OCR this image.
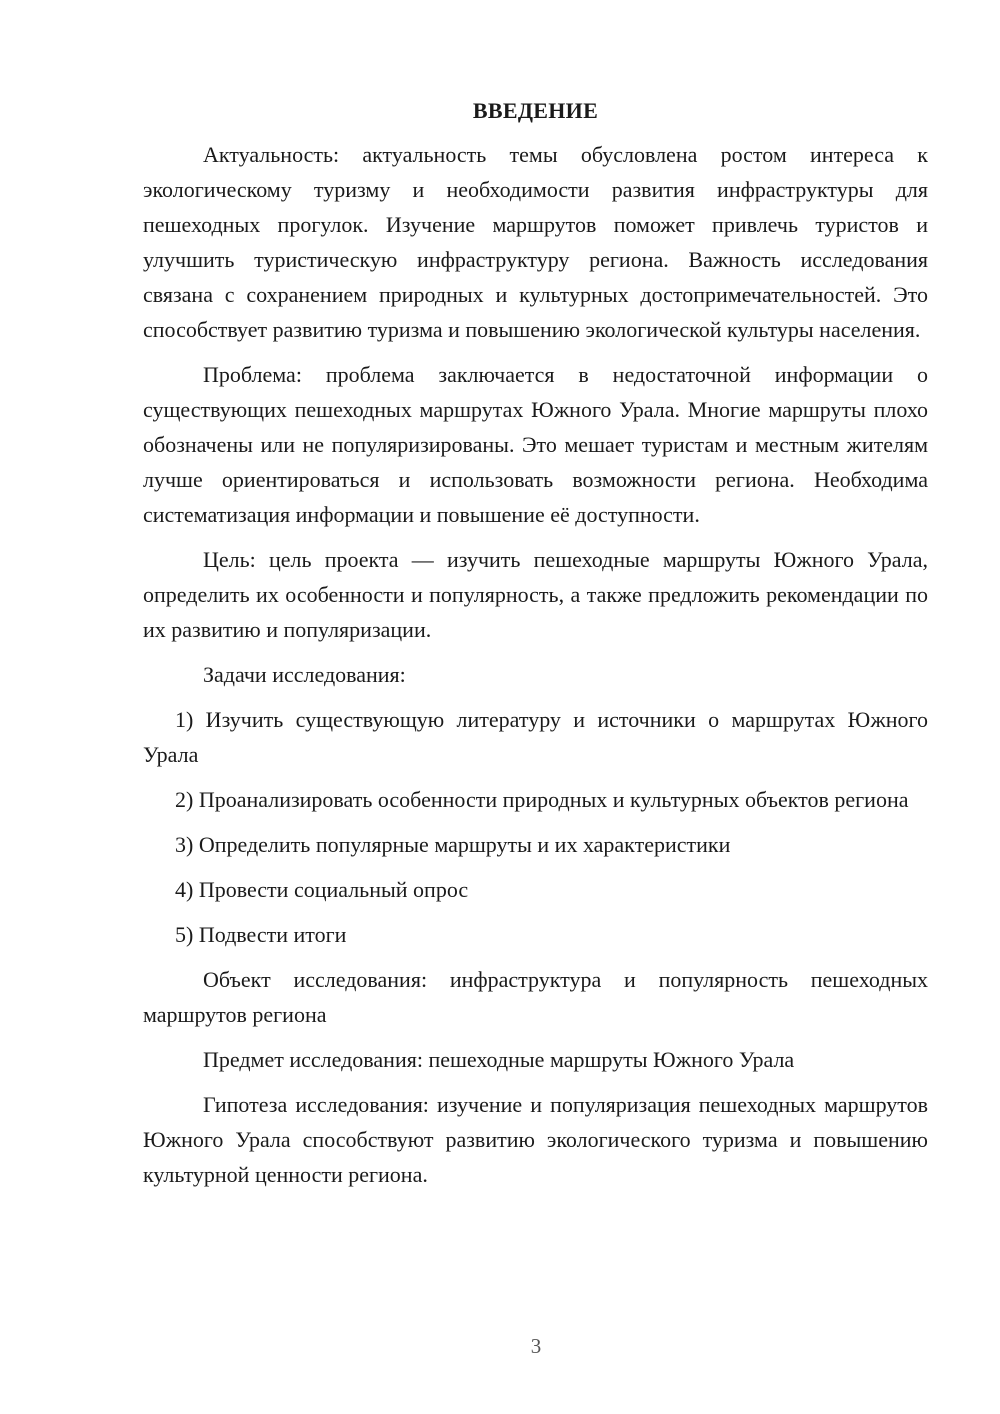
ВВЕДЕНИЕ

Актуальность: актуальность темы обусловлена ростом интереса к экологическому туризму и необходимости развития инфраструктуры для пешеходных прогулок. Изучение маршрутов поможет привлечь туристов и улучшить туристическую инфраструктуру региона. Важность исследования связана с сохранением природных и культурных достопримечательностей. Это способствует развитию туризма и повышению экологической культуры населения.

Проблема: проблема заключается в недостаточной информации о существующих пешеходных маршрутах Южного Урала. Многие маршруты плохо обозначены или не популяризированы. Это мешает туристам и местным жителям лучше ориентироваться и использовать возможности региона. Необходима систематизация информации и повышение её доступности.

Цель: цель проекта — изучить пешеходные маршруты Южного Урала, определить их особенности и популярность, а также предложить рекомендации по их развитию и популяризации.

Задачи исследования:

1) Изучить существующую литературу и источники о маршрутах Южного Урала

2) Проанализировать особенности природных и культурных объектов региона

3) Определить популярные маршруты и их характеристики

4) Провести социальный опрос

5) Подвести итоги

Объект исследования: инфраструктура и популярность пешеходных маршрутов региона

Предмет исследования: пешеходные маршруты Южного Урала

Гипотеза исследования: изучение и популяризация пешеходных маршрутов Южного Урала способствуют развитию экологического туризма и повышению культурной ценности региона.

3
